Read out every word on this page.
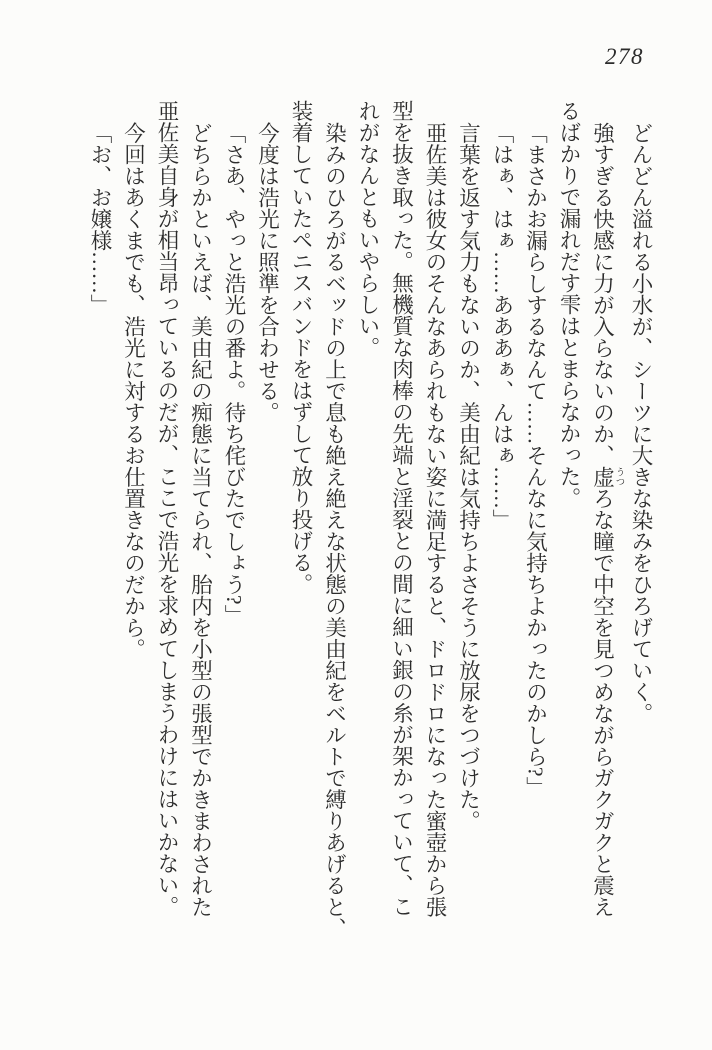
278
どんどん溢れる小水が、シーツに大きな染みをひろげていく。
強すぎる快感に力が入らないのか、虚 うつろな瞳で中空を見つめながらガクガクと震え
るばかりで漏れだす雫はとまらなかった。
「まさかお漏らしするなんて……そんなに気持ちよかったのかしら?」
「はぁ、はぁ……あああぁ、んはぁ……」
言葉を返す気力もないのか、美由紀は気持ちよさそうに放尿をつづけた。
亜佐美は彼女のそんなあられもない姿に満足すると、ドロドロになった蜜壺から張
型を抜き取った。無機質な肉棒の先端と淫裂との間に細い銀の糸が架かっていて、こ
れがなんともいやらしい。
染みのひろがるベッドの上で息も絶え絶えな状態の美由紀をベルトで縛りあげると、
装着していたペニスバンドをはずして放り投げる。
今度は浩光に照準を合わせる。
「さあ、やっと浩光の番よ。待ち侘びたでしょう?」
どちらかといえば、美由紀の痴態に当てられ、胎内を小型の張型でかきまわされた
亜佐美自身が相当昂っているのだが、ここで浩光を求めてしまうわけにはいかない。
今回はあくまでも、浩光に対するお仕置きなのだから。
「お、お嬢様……」
